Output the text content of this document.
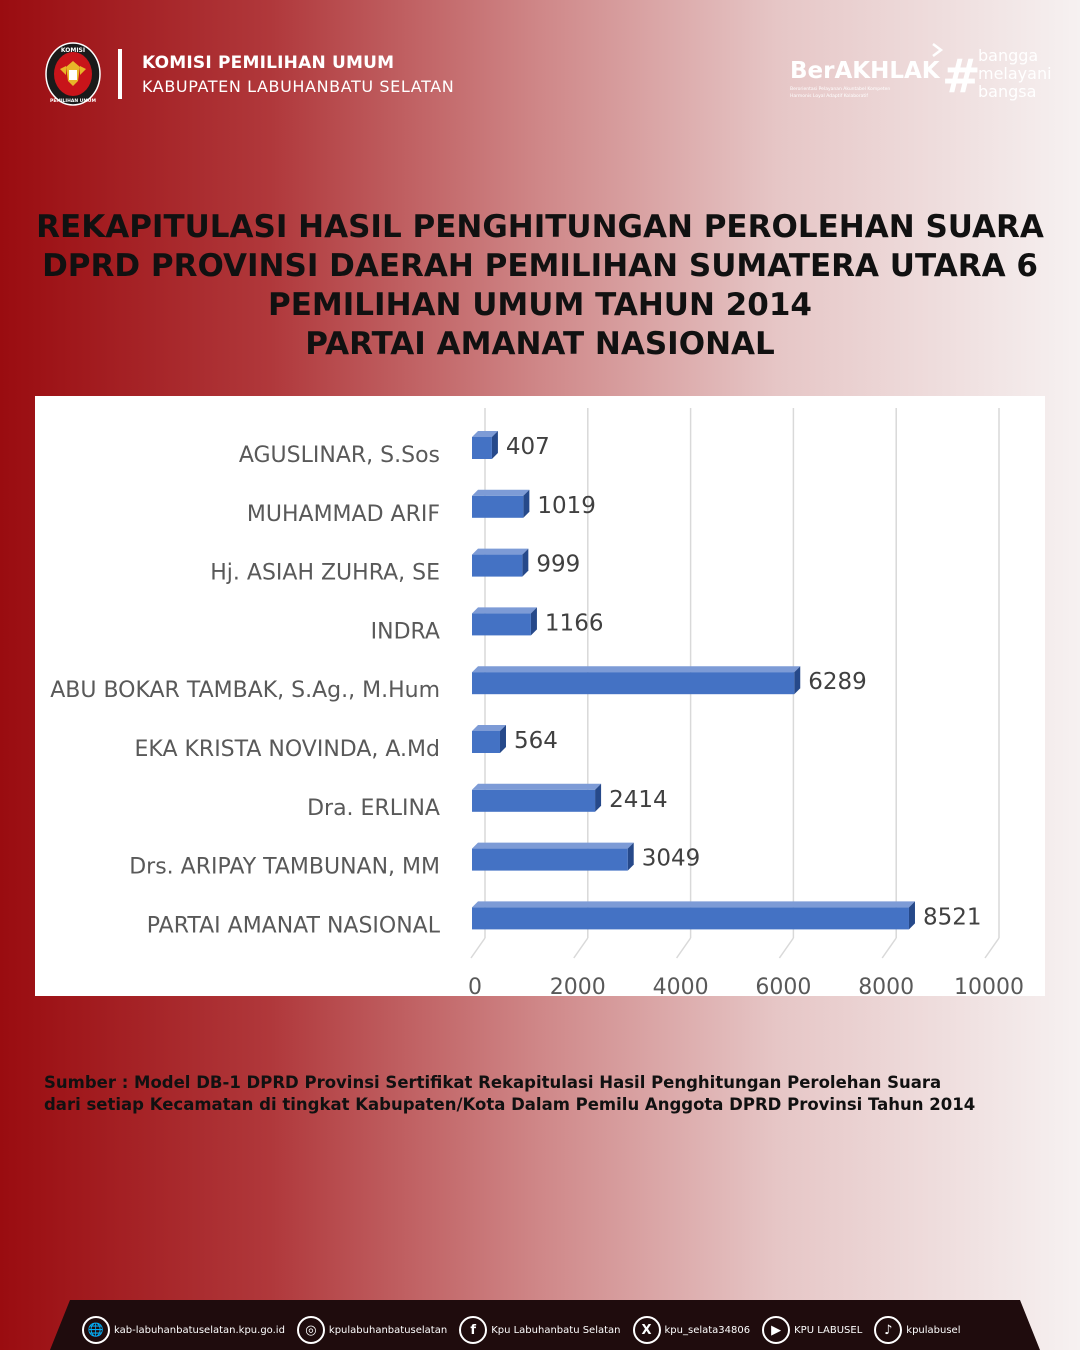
KOMISI
PEMILIHAN UMUM
KOMISI PEMILIHAN UMUM
KABUPATEN LABUHANBATU SELATAN
BerAKHLAK
Berorientasi Pelayanan Akuntabel Kompeten
Harmonis Loyal Adaptif Kolaboratif #
bangga
melayani
bangsa
REKAPITULASI HASIL PENGHITUNGAN PEROLEHAN SUARA
DPRD PROVINSI DAERAH PEMILIHAN SUMATERA UTARA 6
PEMILIHAN UMUM TAHUN 2014
PARTAI AMANAT NASIONAL
0	2000 4000 6000 8000 10000
407
AGUSLINAR, S.Sos
1019
MUHAMMAD ARIF
999
Hj. ASIAH ZUHRA, SE
1166
INDRA
6289
ABU BOKAR TAMBAK, S.Ag., M.Hum
564
EKA KRISTA NOVINDA, A.Md
2414
Dra. ERLINA
3049
Drs. ARIPAY TAMBUNAN, MM
8521
PARTAI AMANAT NASIONAL
Sumber : Model DB-1 DPRD Provinsi Sertifikat Rekapitulasi Hasil Penghitungan Perolehan Suara
dari setiap Kecamatan di tingkat Kabupaten/Kota Dalam Pemilu Anggota DPRD Provinsi Tahun 2014
🌐 kab-labuhanbatuselatan.kpu.go.id	◎	kpulabuhanbatuselatan	f	Kpu Labuhanbatu Selatan	X	kpu_selata34806	▶	KPU LABUSEL	♪	kpulabusel
